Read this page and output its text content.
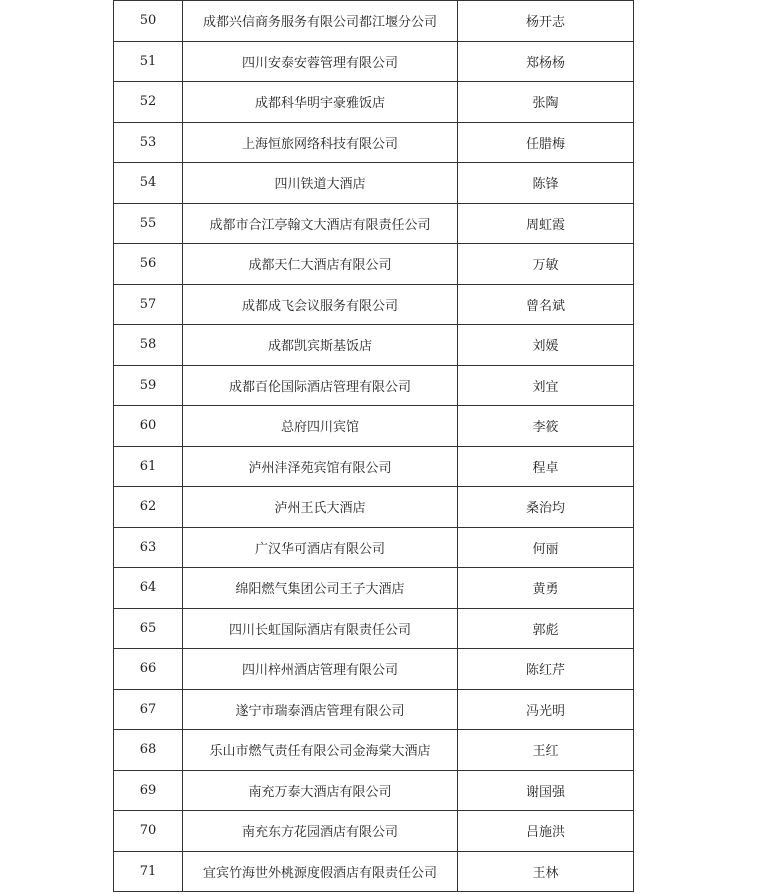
50	成都兴信商务服务有限公司都江堰分公司	杨开志
51	四川安泰安蓉管理有限公司	郑杨杨
52	成都科华明宇豪雅饭店	张陶
53	上海恒旅网络科技有限公司	任腊梅
54	四川铁道大酒店	陈锋
55	成都市合江亭翰文大酒店有限责任公司	周虹霞
56	成都天仁大酒店有限公司	万敏
57	成都成飞会议服务有限公司	曾名斌
58	成都凯宾斯基饭店	刘媛
59	成都百伦国际酒店管理有限公司	刘宜
60	总府四川宾馆	李筱
61	泸州沣泽苑宾馆有限公司	程卓
62	泸州王氏大酒店	桑治均
63	广汉华可酒店有限公司	何丽
64	绵阳燃气集团公司王子大酒店	黄勇
65	四川长虹国际酒店有限责任公司	郭彪
66	四川梓州酒店管理有限公司	陈红芹
67	遂宁市瑞泰酒店管理有限公司	冯光明
68	乐山市燃气责任有限公司金海棠大酒店	王红
69	南充万泰大酒店有限公司	谢国强
70	南充东方花园酒店有限公司	吕施洪
71	宜宾竹海世外桃源度假酒店有限责任公司	王林
